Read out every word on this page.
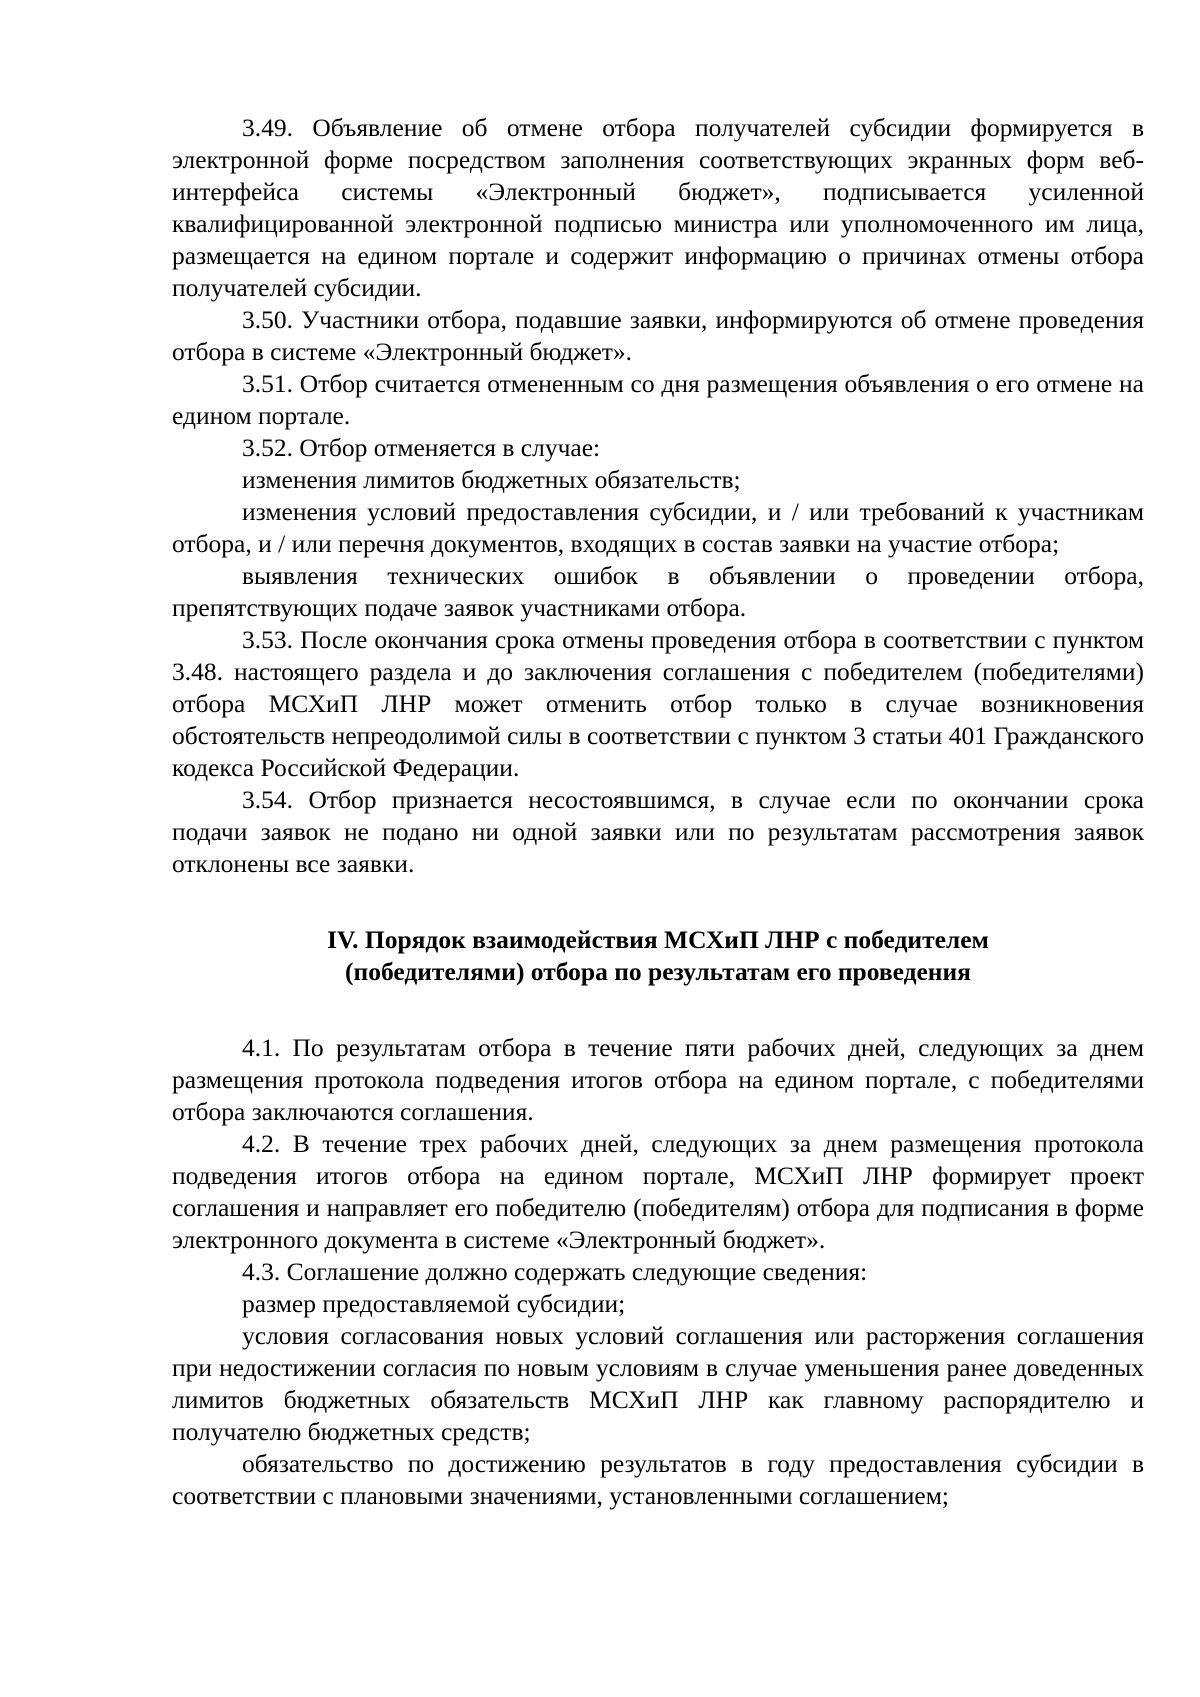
3.49. Объявление об отмене отбора получателей субсидии формируется в электронной форме посредством заполнения соответствующих экранных форм веб-интерфейса системы «Электронный бюджет», подписывается усиленной квалифицированной электронной подписью министра или уполномоченного им лица, размещается на едином портале и содержит информацию о причинах отмены отбора получателей субсидии.

3.50. Участники отбора, подавшие заявки, информируются об отмене проведения отбора в системе «Электронный бюджет».

3.51. Отбор считается отмененным со дня размещения объявления о его отмене на едином портале.

3.52. Отбор отменяется в случае:

изменения лимитов бюджетных обязательств;

изменения условий предоставления субсидии, и / или требований к участникам отбора, и / или перечня документов, входящих в состав заявки на участие отбора;

выявления технических ошибок в объявлении о проведении отбора, препятствующих подаче заявок участниками отбора.

3.53. После окончания срока отмены проведения отбора в соответствии с пунктом 3.48. настоящего раздела и до заключения соглашения с победителем (победителями) отбора МСХиП ЛНР может отменить отбор только в случае возникновения обстоятельств непреодолимой силы в соответствии с пунктом 3 статьи 401 Гражданского кодекса Российской Федерации.

3.54. Отбор признается несостоявшимся, в случае если по окончании срока подачи заявок не подано ни одной заявки или по результатам рассмотрения заявок отклонены все заявки.

IV. Порядок взаимодействия МСХиП ЛНР с победителем
(победителями) отбора по результатам его проведения

4.1. По результатам отбора в течение пяти рабочих дней, следующих за днем размещения протокола подведения итогов отбора на едином портале, с победителями отбора заключаются соглашения.

4.2. В течение трех рабочих дней, следующих за днем размещения протокола подведения итогов отбора на едином портале, МСХиП ЛНР формирует проект соглашения и направляет его победителю (победителям) отбора для подписания в форме электронного документа в системе «Электронный бюджет».

4.3. Соглашение должно содержать следующие сведения:

размер предоставляемой субсидии;

условия согласования новых условий соглашения или расторжения соглашения при недостижении согласия по новым условиям в случае уменьшения ранее доведенных лимитов бюджетных обязательств МСХиП ЛНР как главному распорядителю и получателю бюджетных средств;

обязательство по достижению результатов в году предоставления субсидии в соответствии с плановыми значениями, установленными соглашением;
